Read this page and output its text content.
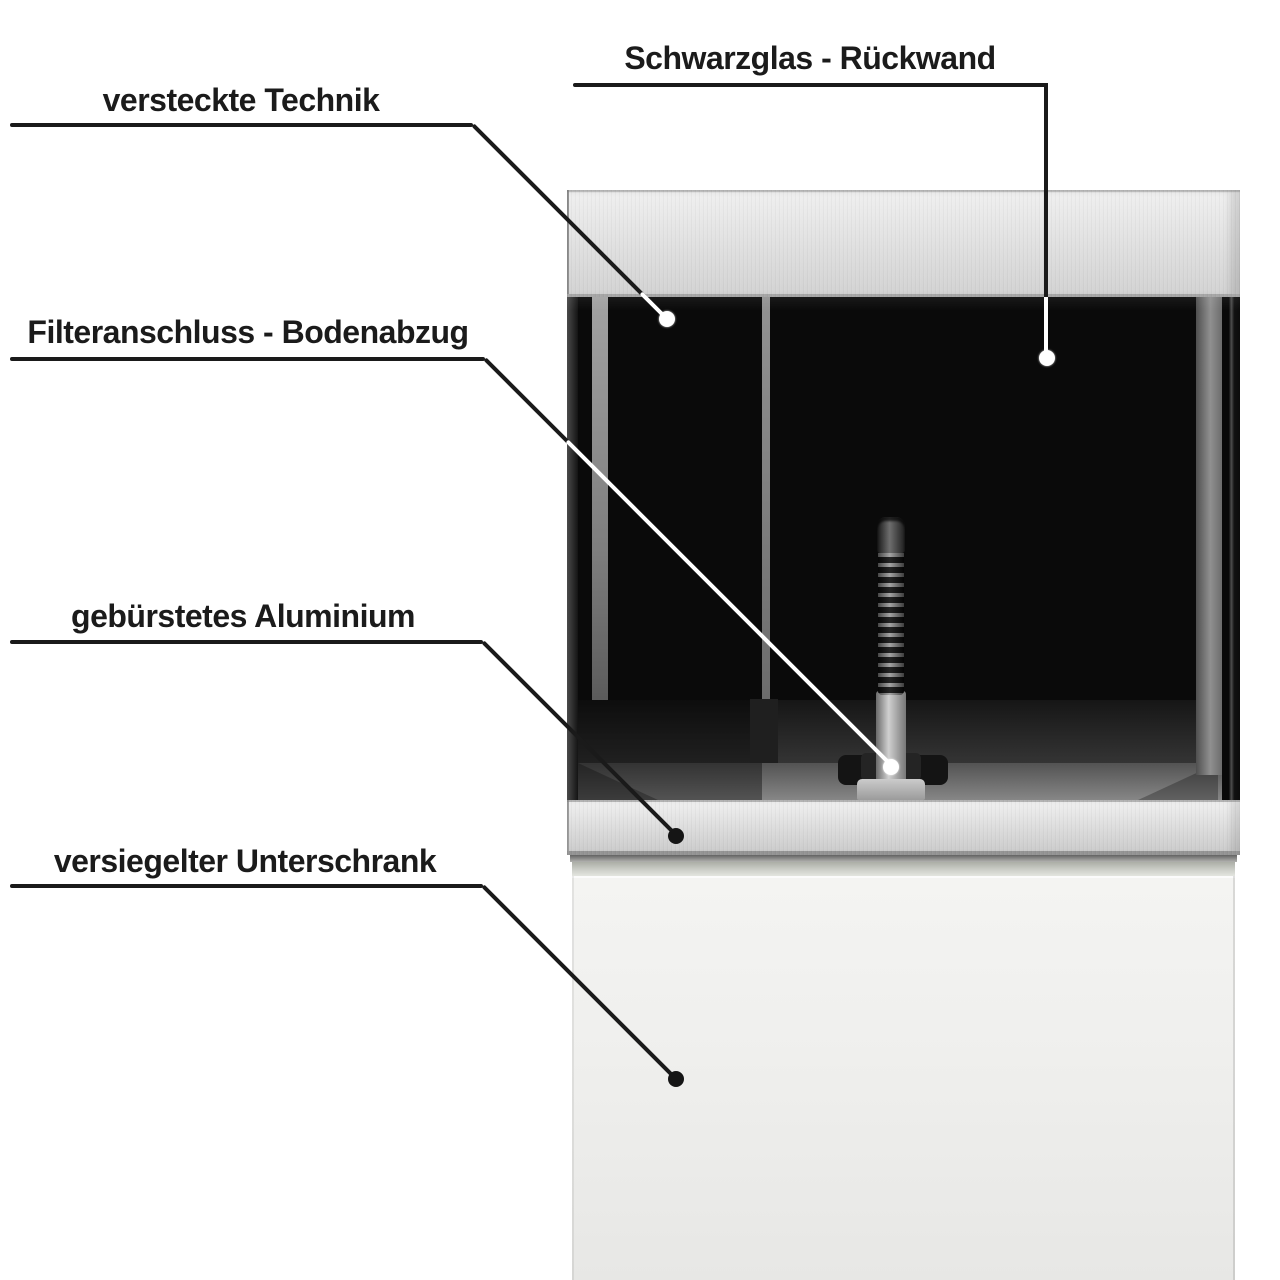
Schwarzglas - Rückwand
versteckte Technik
Filteranschluss - Bodenabzug
gebürstetes Aluminium
versiegelter Unterschrank
